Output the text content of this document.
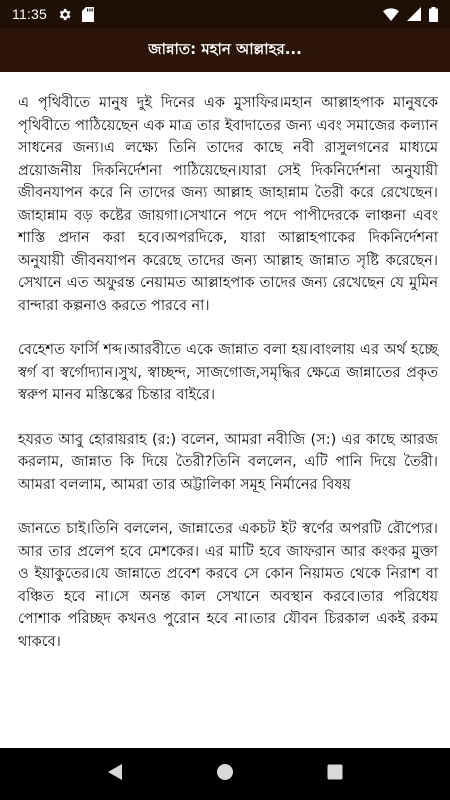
11:35
জান্নাত: মহান আল্লাহর...

এ পৃথিবীতে মানুষ দুই দিনের এক মুসাফির।মহান আল্লাহপাক মানুষকে পৃথিবীতে পাঠিয়েছেন এক মাত্র তার ইবাদাতের জন্য এবং সমাজের কল্যান সাধনের জন্য।এ লক্ষ্যে তিনি তাদের কাছে নবী রাসুলগনের মাধ্যমে প্রয়োজনীয় দিকনির্দেশনা পাঠিয়েছেন।যারা সেই দিকনির্দেশনা অনুযায়ী জীবনযাপন করে নি তাদের জন্য আল্লাহ জাহান্নাম তৈরী করে রেখেছেন। জাহান্নাম বড় কষ্টের জায়গা।সেখানে পদে পদে পাপীদেরকে লাঞ্চনা এবং শাস্তি প্রদান করা হবে।অপরদিকে, যারা আল্লাহপাকের দিকনির্দেশনা অনুযায়ী জীবনযাপন করেছে তাদের জন্য আল্লাহ জান্নাত সৃষ্টি করেছেন।সেখানে এত অফুরন্ত নেয়ামত আল্লাহপাক তাদের জন্য রেখেছেন যে মুমিন বান্দারা কল্পনাও করতে পারবে না।

বেহেশত ফার্সি শব্দ।আরবীতে একে জান্নাত বলা হয়।বাংলায় এর অর্থ হচ্ছে স্বর্গ বা স্বর্গোদ্যান।সুখ, স্বাচ্ছন্দ, সাজগোজ,সমৃদ্ধির ক্ষেত্রে জান্নাতের প্রকৃত স্বরুপ মানব মস্তিস্কের চিন্তার বাইরে।

হযরত আবু হোরায়রাহ (র:) বলেন, আমরা নবীজি (স:) এর কাছে আরজ করলাম, জান্নাত কি দিয়ে তৈরী?তিনি বললেন, এটি পানি দিয়ে তৈরী।আমরা বললাম, আমরা তার অট্টালিকা সমূহ নির্মানের বিষয়

জানতে চাই।তিনি বললেন, জান্নাতের একচট ইট স্বর্ণের অপরটি রৌপ্যের। আর তার প্রলেপ হবে মেশকের। এর মাটি হবে জাফরান আর কংকর মুক্তা ও ইয়াকুতের।যে জান্নাতে প্রবেশ করবে সে কোন নিয়ামত থেকে নিরাশ বা বঞ্চিত হবে না।সে অনন্ত কাল সেখানে অবস্থান করবে।তার পরিধেয় পোশাক পরিচ্ছদ কখনও পুরোন হবে না।তার যৌবন চিরকাল একই রকম থাকবে।
